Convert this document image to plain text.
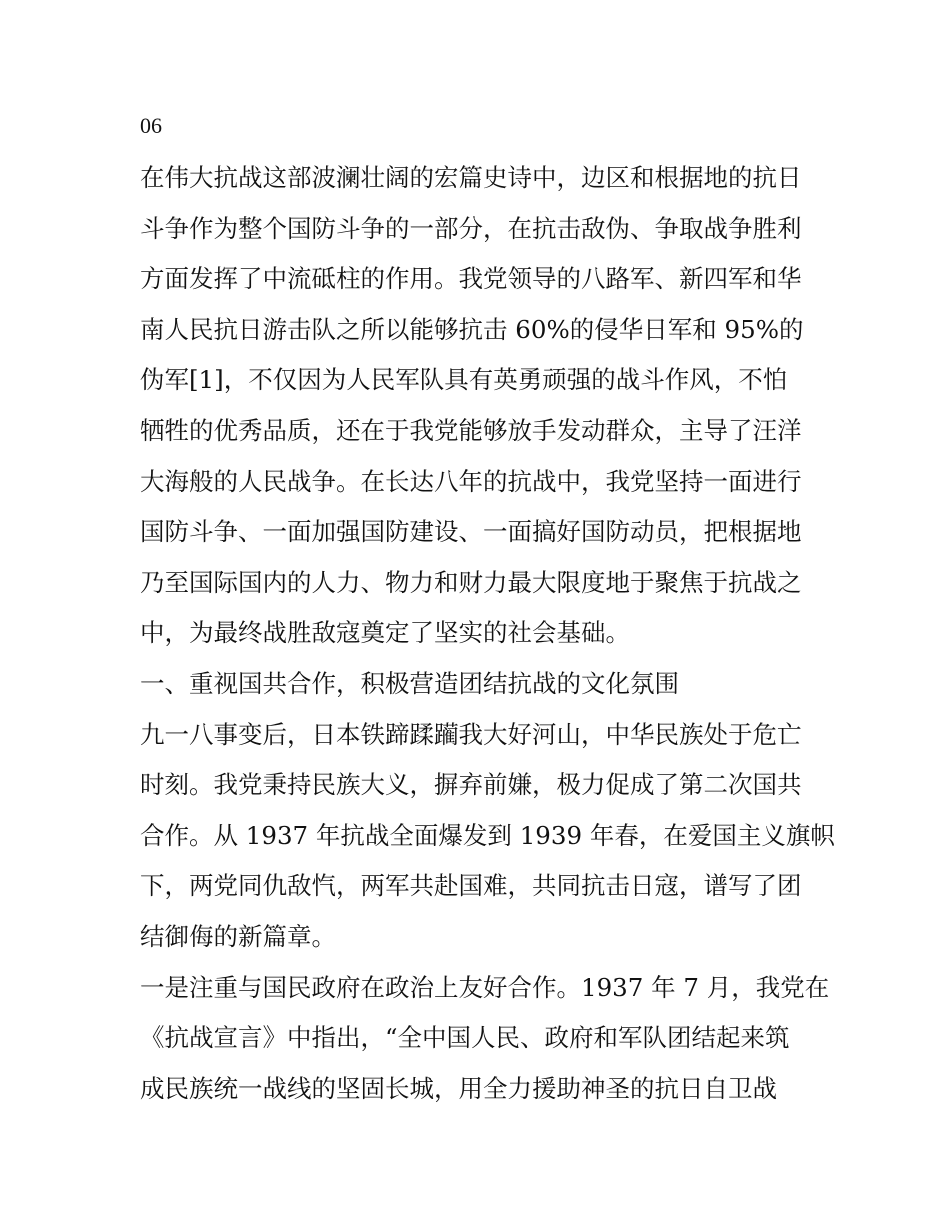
06
在伟大抗战这部波澜壮阔的宏篇史诗中，边区和根据地的抗日
斗争作为整个国防斗争的一部分，在抗击敌伪、争取战争胜利
方面发挥了中流砥柱的作用。我党领导的八路军、新四军和华
南人民抗日游击队之所以能够抗击 60%的侵华日军和 95%的
伪军[1]，不仅因为人民军队具有英勇顽强的战斗作风，不怕
牺牲的优秀品质，还在于我党能够放手发动群众，主导了汪洋
大海般的人民战争。在长达八年的抗战中，我党坚持一面进行
国防斗争、一面加强国防建设、一面搞好国防动员，把根据地
乃至国际国内的人力、物力和财力最大限度地于聚焦于抗战之
中，为最终战胜敌寇奠定了坚实的社会基础。
一、重视国共合作，积极营造团结抗战的文化氛围
九一八事变后，日本铁蹄蹂躏我大好河山，中华民族处于危亡
时刻。我党秉持民族大义，摒弃前嫌，极力促成了第二次国共
合作。从 1937 年抗战全面爆发到 1939 年春，在爱国主义旗帜
下，两党同仇敌忾，两军共赴国难，共同抗击日寇，谱写了团
结御侮的新篇章。
一是注重与国民政府在政治上友好合作。1937 年 7 月，我党在
《抗战宣言》中指出，“全中国人民、政府和军队团结起来筑
成民族统一战线的坚固长城，用全力援助神圣的抗日自卫战
